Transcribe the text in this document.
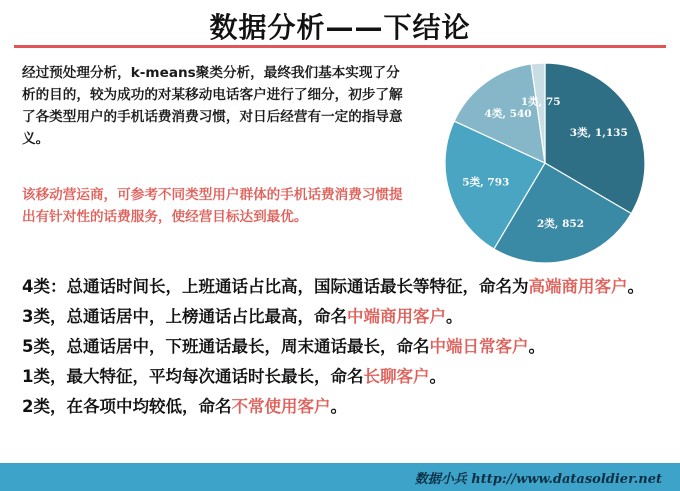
数据分析——下结论
经过预处理分析，k-means聚类分析，最终我们基本实现了分析的目的，较为成功的对某移动电话客户进行了细分，初步了解了各类型用户的手机话费消费习惯，对日后经营有一定的指导意义。
该移动营运商，可参考不同类型用户群体的手机话费消费习惯提出有针对性的话费服务，使经营目标达到最优。
3类, 1,135
2类, 852
5类, 793
4类, 540
1类, 75
4类：总通话时间长，上班通话占比高，国际通话最长等特征，命名为高端商用客户。
3类，总通话居中，上榜通话占比最高，命名中端商用客户。
5类，总通话居中，下班通话最长，周末通话最长，命名中端日常客户。
1类，最大特征，平均每次通话时长最长，命名长聊客户。
2类，在各项中均较低，命名不常使用客户。
数据小兵 http://www.datasoldier.net
